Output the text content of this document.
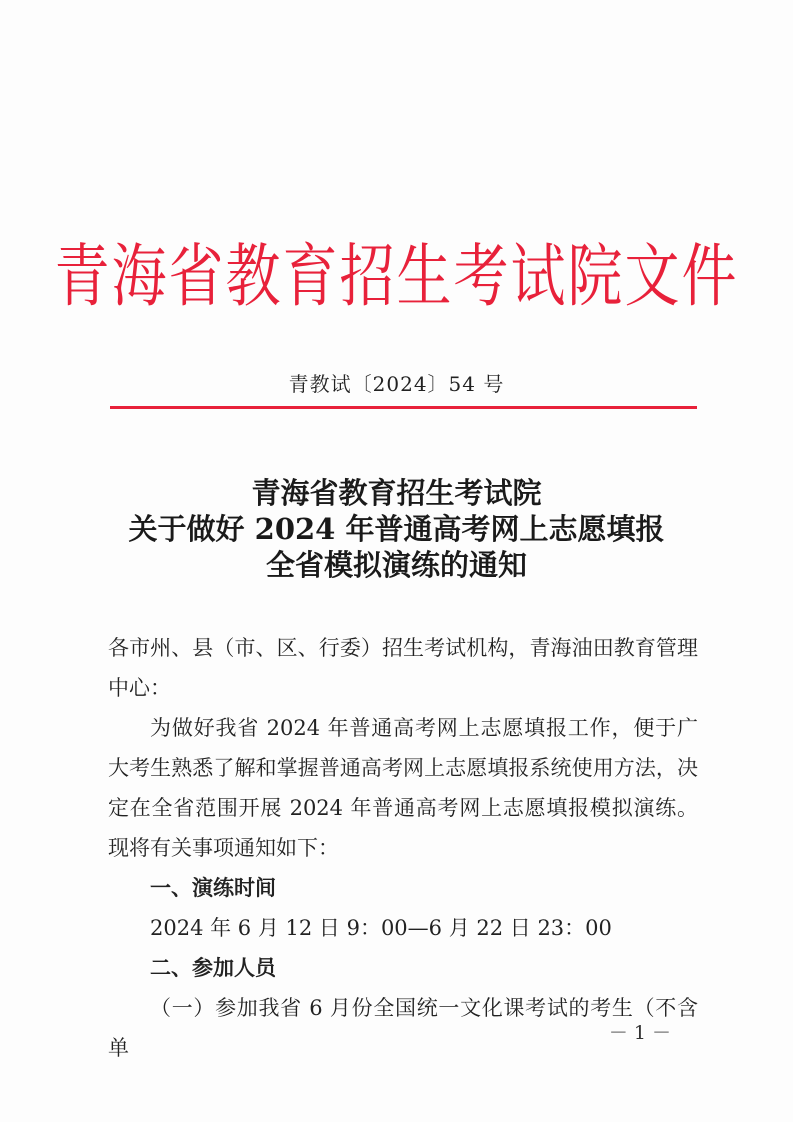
青海省教育招生考试院文件
青教试〔2024〕54 号
青海省教育招生考试院
关于做好 2024 年普通高考网上志愿填报
全省模拟演练的通知

各市州、县（市、区、行委）招生考试机构，青海油田教育管理中心：

为做好我省 2024 年普通高考网上志愿填报工作，便于广大考生熟悉了解和掌握普通高考网上志愿填报系统使用方法，决定在全省范围开展 2024 年普通高考网上志愿填报模拟演练。现将有关事项通知如下：

一、演练时间

2024 年 6 月 12 日 9：00—6 月 22 日 23：00

二、参加人员

（一）参加我省 6 月份全国统一文化课考试的考生（不含单

－ 1 －
